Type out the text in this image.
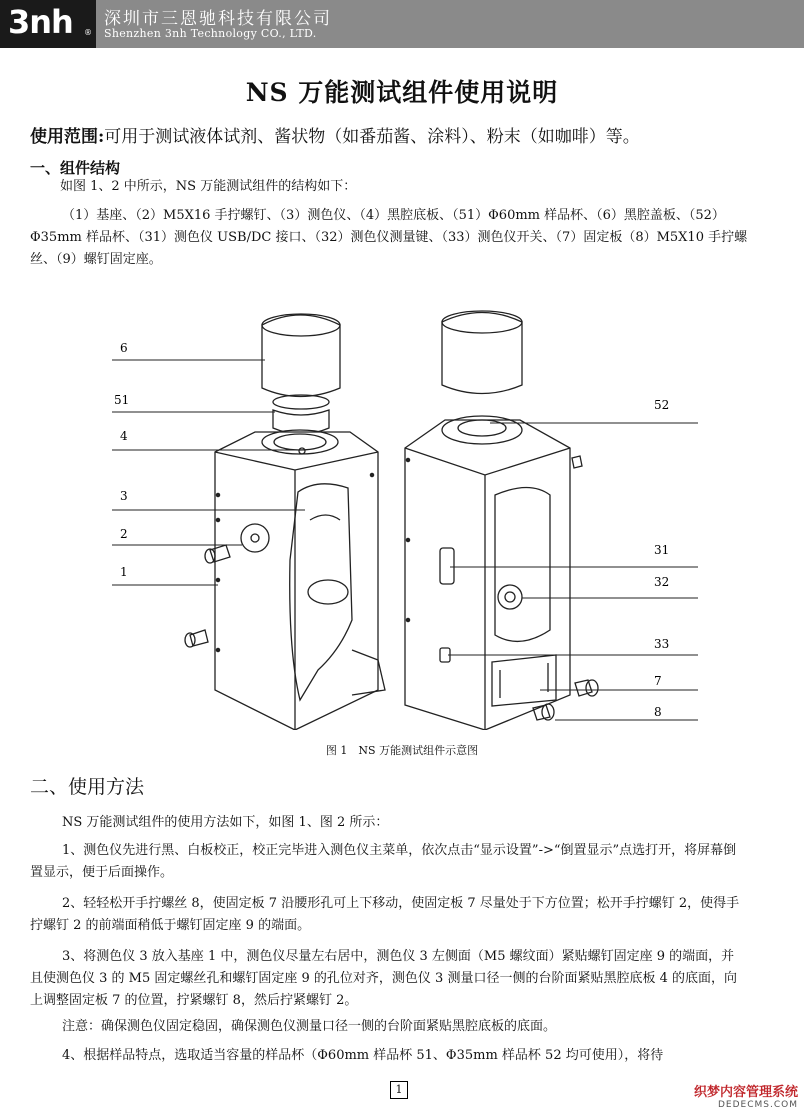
3nh ®
深圳市三恩驰科技有限公司
Shenzhen 3nh Technology CO., LTD.
NS 万能测试组件使用说明
使用范围:可用于测试液体试剂、酱状物（如番茄酱、涂料）、粉末（如咖啡）等。
一、组件结构
如图 1、2 中所示，NS 万能测试组件的结构如下：
（1）基座、（2）M5X16 手拧螺钉、（3）测色仪、（4）黑腔底板、（51）Φ60mm 样品杯、（6）黑腔盖板、（52）Φ35mm 样品杯、（31）测色仪 USB/DC 接口、（32）测色仪测量键、（33）测色仪开关、（7）固定板（8）M5X10 手拧螺丝、（9）螺钉固定座。
6
51
4
3
2
1
52
31
32
33
7
8
图 1　NS 万能测试组件示意图
二、使用方法
NS 万能测试组件的使用方法如下，如图 1、图 2 所示：
1、测色仪先进行黑、白板校正，校正完毕进入测色仪主菜单，依次点击“显示设置”->“倒置显示”点选打开，将屏幕倒置显示，便于后面操作。
2、轻轻松开手拧螺丝 8，使固定板 7 沿腰形孔可上下移动，使固定板 7 尽量处于下方位置；松开手拧螺钉 2，使得手拧螺钉 2 的前端面稍低于螺钉固定座 9 的端面。
3、将测色仪 3 放入基座 1 中，测色仪尽量左右居中，测色仪 3 左侧面（M5 螺纹面）紧贴螺钉固定座 9 的端面，并且使测色仪 3 的 M5 固定螺丝孔和螺钉固定座 9 的孔位对齐，测色仪 3 测量口径一侧的台阶面紧贴黑腔底板 4 的底面，向上调整固定板 7 的位置，拧紧螺钉 8，然后拧紧螺钉 2。
注意：确保测色仪固定稳固，确保测色仪测量口径一侧的台阶面紧贴黑腔底板的底面。
4、根据样品特点，选取适当容量的样品杯（Φ60mm 样品杯 51、Φ35mm 样品杯 52 均可使用），将待
1	织梦内容管理系统
DEDECMS.COM
